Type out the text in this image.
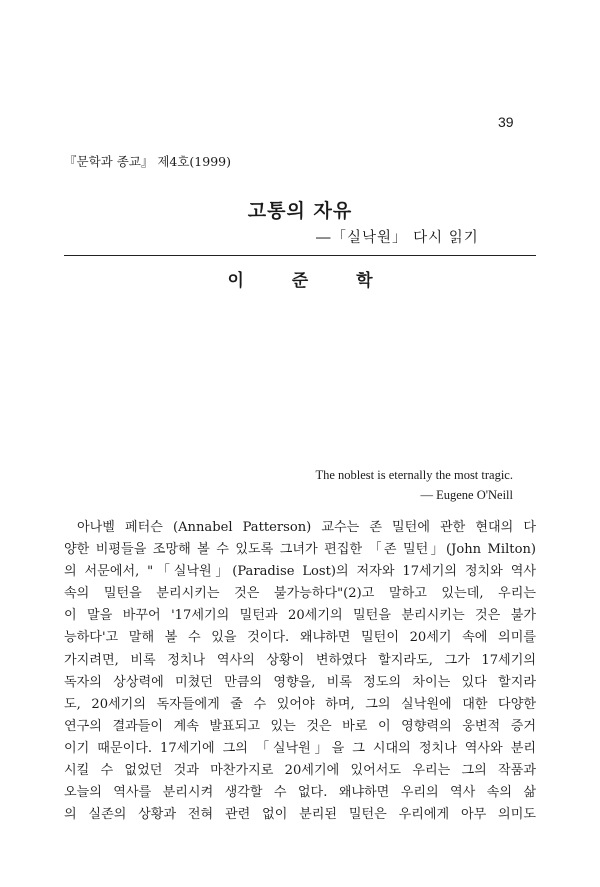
39
『문학과 종교』 제4호(1999)
고통의 자유
―「실낙원」 다시 읽기
이 준 학
The noblest is eternally the most tragic.
― Eugene O'Neill
아나벨 페터슨 (Annabel Patterson) 교수는 존 밀턴에 관한 현대의 다
양한 비평들을 조망해 볼 수 있도록 그녀가 편집한 「존 밀턴」(John Milton)
의 서문에서, "「실낙원」(Paradise Lost)의 저자와 17세기의 정치와 역사
속의 밀턴을 분리시키는 것은 불가능하다"(2)고 말하고 있는데, 우리는
이 말을 바꾸어 '17세기의 밀턴과 20세기의 밀턴을 분리시키는 것은 불가
능하다'고 말해 볼 수 있을 것이다. 왜냐하면 밀턴이 20세기 속에 의미를
가지려면, 비록 정치나 역사의 상황이 변하였다 할지라도, 그가 17세기의
독자의 상상력에 미쳤던 만큼의 영향을, 비록 정도의 차이는 있다 할지라
도, 20세기의 독자들에게 줄 수 있어야 하며, 그의 실낙원에 대한 다양한
연구의 결과들이 계속 발표되고 있는 것은 바로 이 영향력의 웅변적 증거
이기 때문이다. 17세기에 그의 「실낙원」을 그 시대의 정치나 역사와 분리
시킬 수 없었던 것과 마찬가지로 20세기에 있어서도 우리는 그의 작품과
오늘의 역사를 분리시켜 생각할 수 없다. 왜냐하면 우리의 역사 속의 삶
의 실존의 상황과 전혀 관련 없이 분리된 밀턴은 우리에게 아무 의미도
